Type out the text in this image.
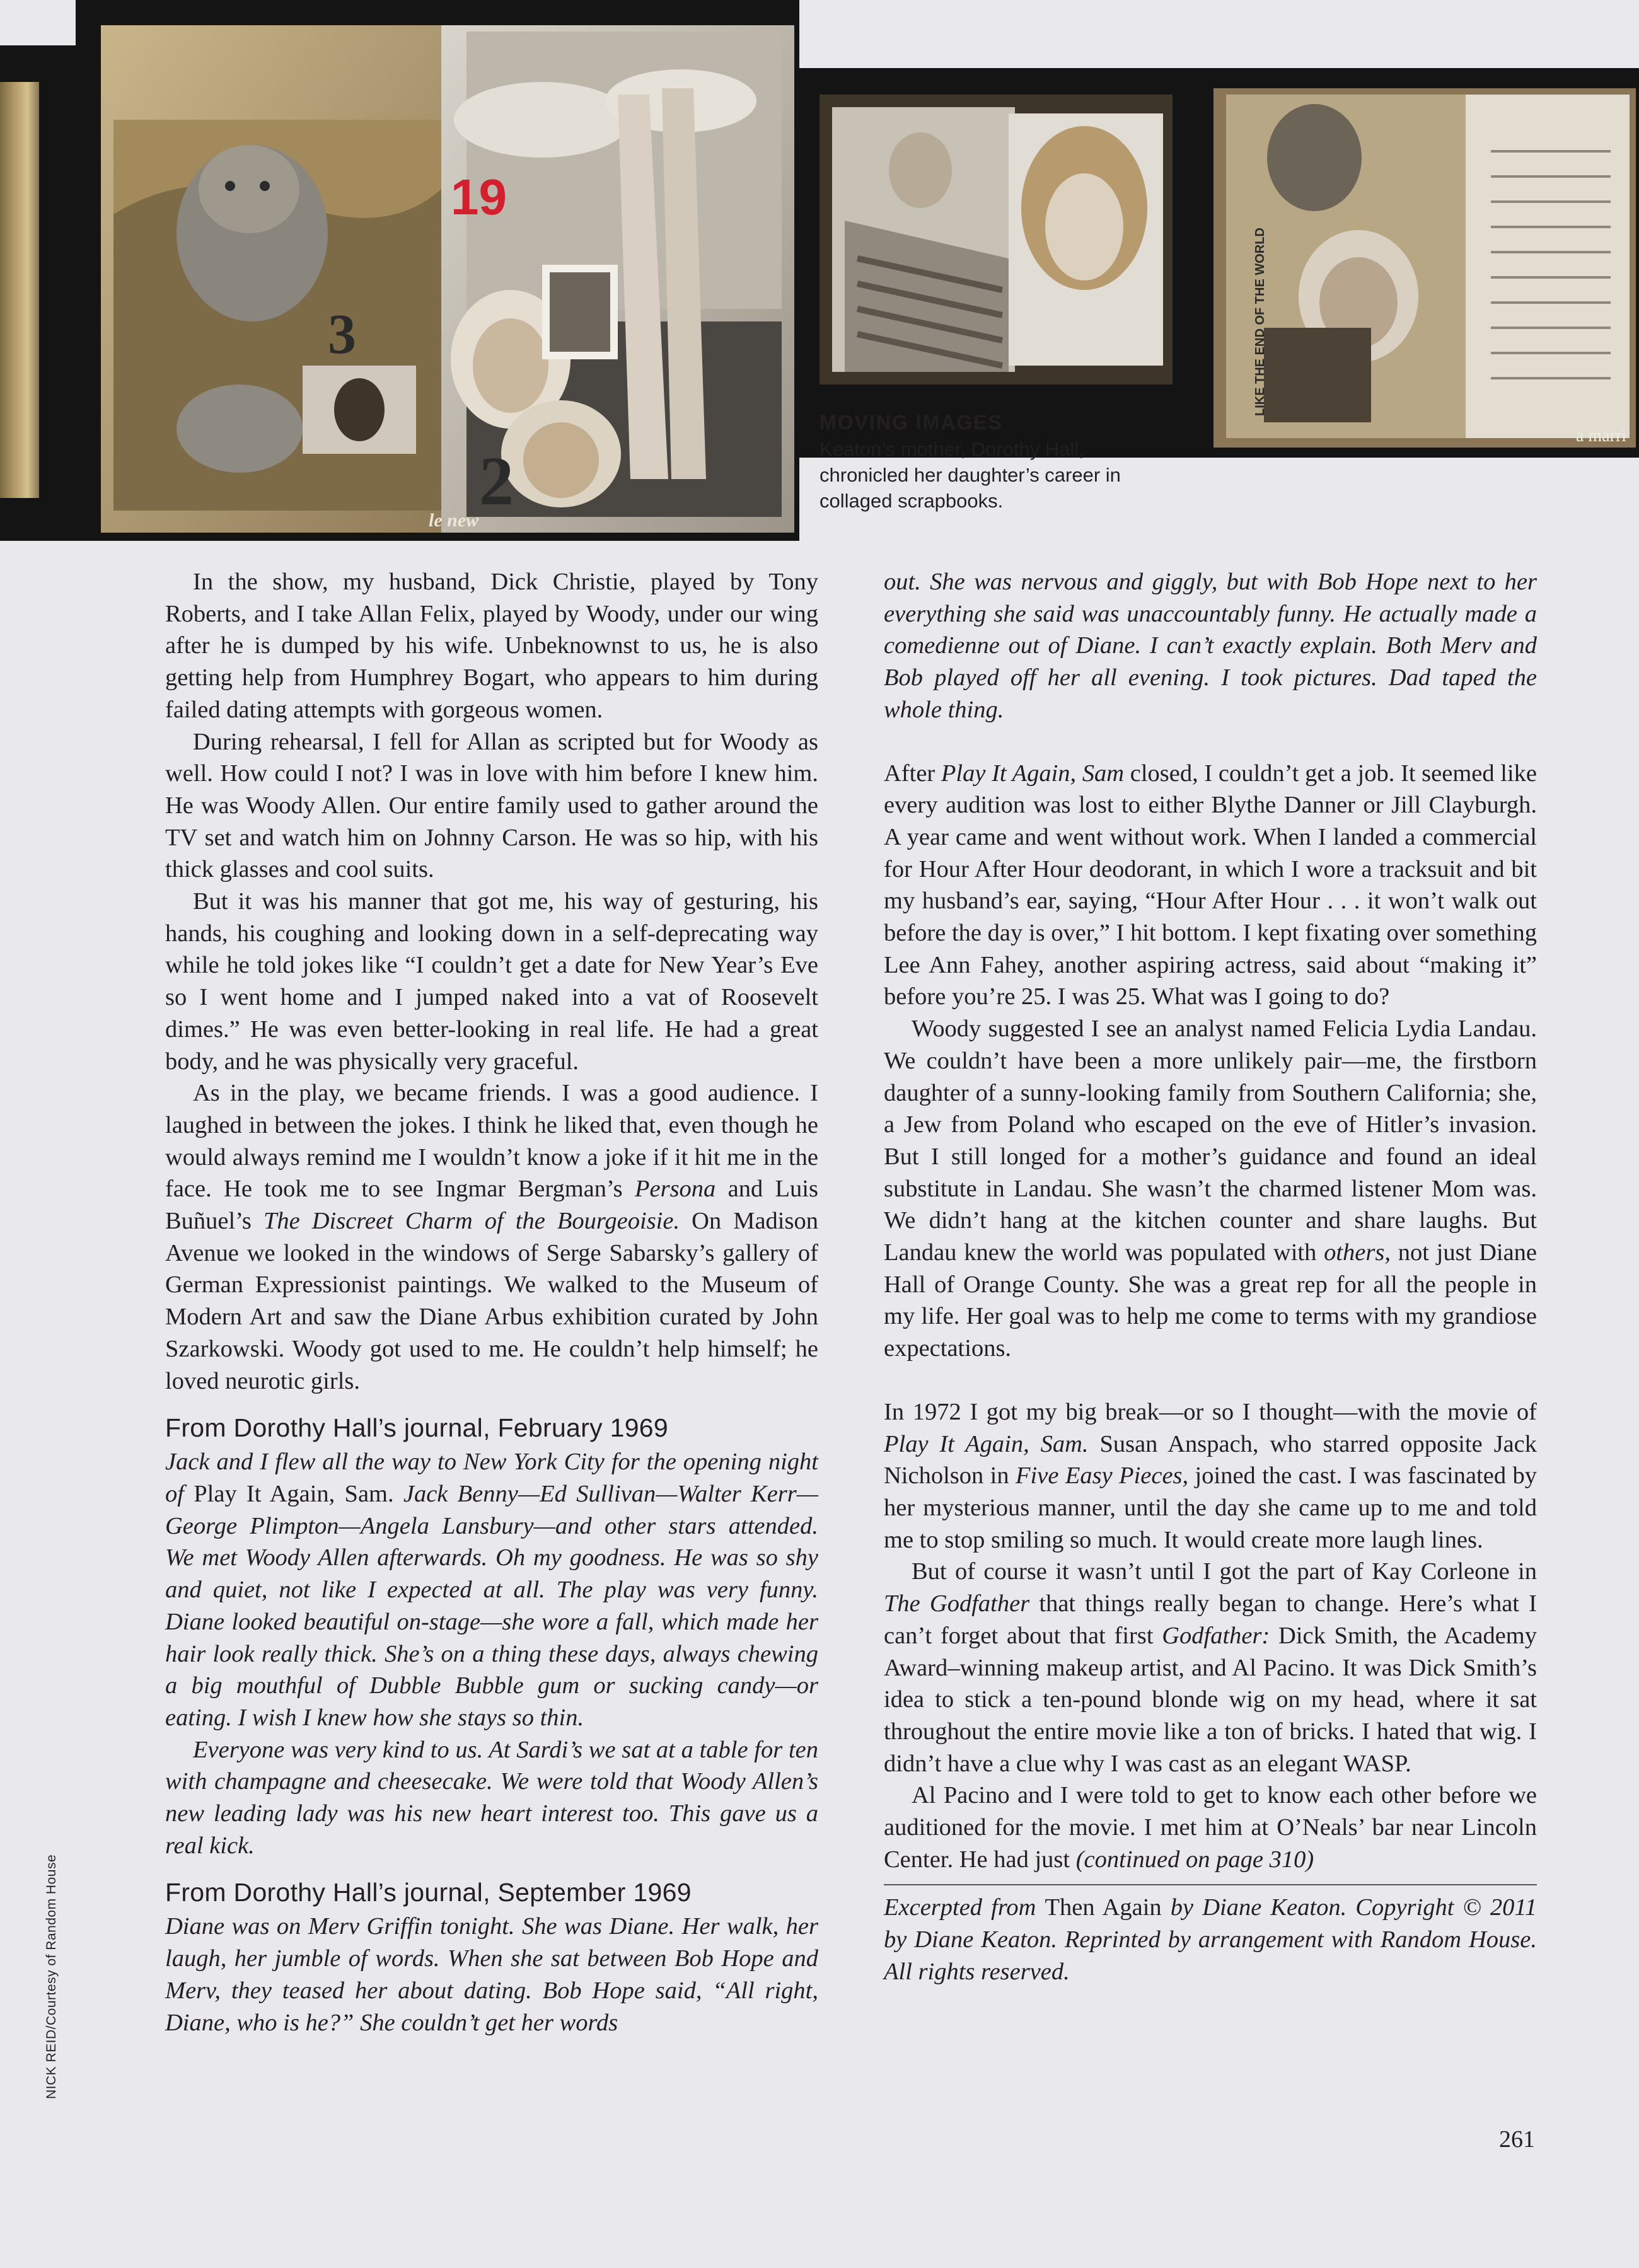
19
3
2
le new
LIKE THE END OF THE WORLD
a marri
MOVING IMAGES
Keaton’s mother, Dorothy Hall, chronicled her daughter’s career in collaged scrapbooks.

In the show, my husband, Dick Christie, played by Tony Roberts, and I take Allan Felix, played by Woody, under our wing after he is dumped by his wife. Unbeknownst to us, he is also getting help from Humphrey Bogart, who appears to him during failed dating attempts with gorgeous women.

During rehearsal, I fell for Allan as scripted but for Woody as well. How could I not? I was in love with him before I knew him. He was Woody Allen. Our entire family used to gather around the TV set and watch him on Johnny Carson. He was so hip, with his thick glasses and cool suits.

But it was his manner that got me, his way of gesturing, his hands, his coughing and looking down in a self-deprecating way while he told jokes like “I couldn’t get a date for New Year’s Eve so I went home and I jumped naked into a vat of Roosevelt dimes.” He was even better-looking in real life. He had a great body, and he was physically very graceful.

As in the play, we became friends. I was a good audience. I laughed in between the jokes. I think he liked that, even though he would always remind me I wouldn’t know a joke if it hit me in the face. He took me to see Ingmar Bergman’s Persona and Luis Buñuel’s The Discreet Charm of the Bourgeoisie. On Madison Avenue we looked in the windows of Serge Sabarsky’s gallery of German Expressionist paintings. We walked to the Museum of Modern Art and saw the Diane Arbus exhibition curated by John Szarkowski. Woody got used to me. He couldn’t help himself; he loved neurotic girls.

From Dorothy Hall’s journal, February 1969

Jack and I flew all the way to New York City for the opening night of Play It Again, Sam. Jack Benny—Ed Sullivan—Walter Kerr—George Plimpton—Angela Lansbury—and other stars attended. We met Woody Allen afterwards. Oh my goodness. He was so shy and quiet, not like I expected at all. The play was very funny. Diane looked beautiful on-stage—she wore a fall, which made her hair look really thick. She’s on a thing these days, always chewing a big mouthful of Dubble Bubble gum or sucking candy—or eating. I wish I knew how she stays so thin.

Everyone was very kind to us. At Sardi’s we sat at a table for ten with champagne and cheesecake. We were told that Woody Allen’s new leading lady was his new heart interest too. This gave us a real kick.

From Dorothy Hall’s journal, September 1969

Diane was on Merv Griffin tonight. She was Diane. Her walk, her laugh, her jumble of words. When she sat between Bob Hope and Merv, they teased her about dating. Bob Hope said, “All right, Diane, who is he?” She couldn’t get her words

out. She was nervous and giggly, but with Bob Hope next to her everything she said was unaccountably funny. He actually made a comedienne out of Diane. I can’t exactly explain. Both Merv and Bob played off her all evening. I took pictures. Dad taped the whole thing.

After Play It Again, Sam closed, I couldn’t get a job. It seemed like every audition was lost to either Blythe Danner or Jill Clayburgh. A year came and went without work. When I landed a commercial for Hour After Hour deodorant, in which I wore a tracksuit and bit my husband’s ear, saying, “Hour After Hour . . . it won’t walk out before the day is over,” I hit bottom. I kept fixating over something Lee Ann Fahey, another aspiring actress, said about “making it” before you’re 25. I was 25. What was I going to do?

Woody suggested I see an analyst named Felicia Lydia Landau. We couldn’t have been a more unlikely pair—me, the firstborn daughter of a sunny-looking family from Southern California; she, a Jew from Poland who escaped on the eve of Hitler’s invasion. But I still longed for a mother’s guidance and found an ideal substitute in Landau. She wasn’t the charmed listener Mom was. We didn’t hang at the kitchen counter and share laughs. But Landau knew the world was populated with others, not just Diane Hall of Orange County. She was a great rep for all the people in my life. Her goal was to help me come to terms with my grandiose expectations.

In 1972 I got my big break—or so I thought—with the movie of Play It Again, Sam. Susan Anspach, who starred opposite Jack Nicholson in Five Easy Pieces, joined the cast. I was fascinated by her mysterious manner, until the day she came up to me and told me to stop smiling so much. It would create more laugh lines.

But of course it wasn’t until I got the part of Kay Corleone in The Godfather that things really began to change. Here’s what I can’t forget about that first Godfather: Dick Smith, the Academy Award–winning makeup artist, and Al Pacino. It was Dick Smith’s idea to stick a ten-pound blonde wig on my head, where it sat throughout the entire movie like a ton of bricks. I hated that wig. I didn’t have a clue why I was cast as an elegant WASP.

Al Pacino and I were told to get to know each other before we auditioned for the movie. I met him at O’Neals’ bar near Lincoln Center. He had just (continued on page 310)

Excerpted from Then Again by Diane Keaton. Copyright © 2011 by Diane Keaton. Reprinted by arrangement with Random House. All rights reserved.

NICK REID/Courtesy of Random House
261
